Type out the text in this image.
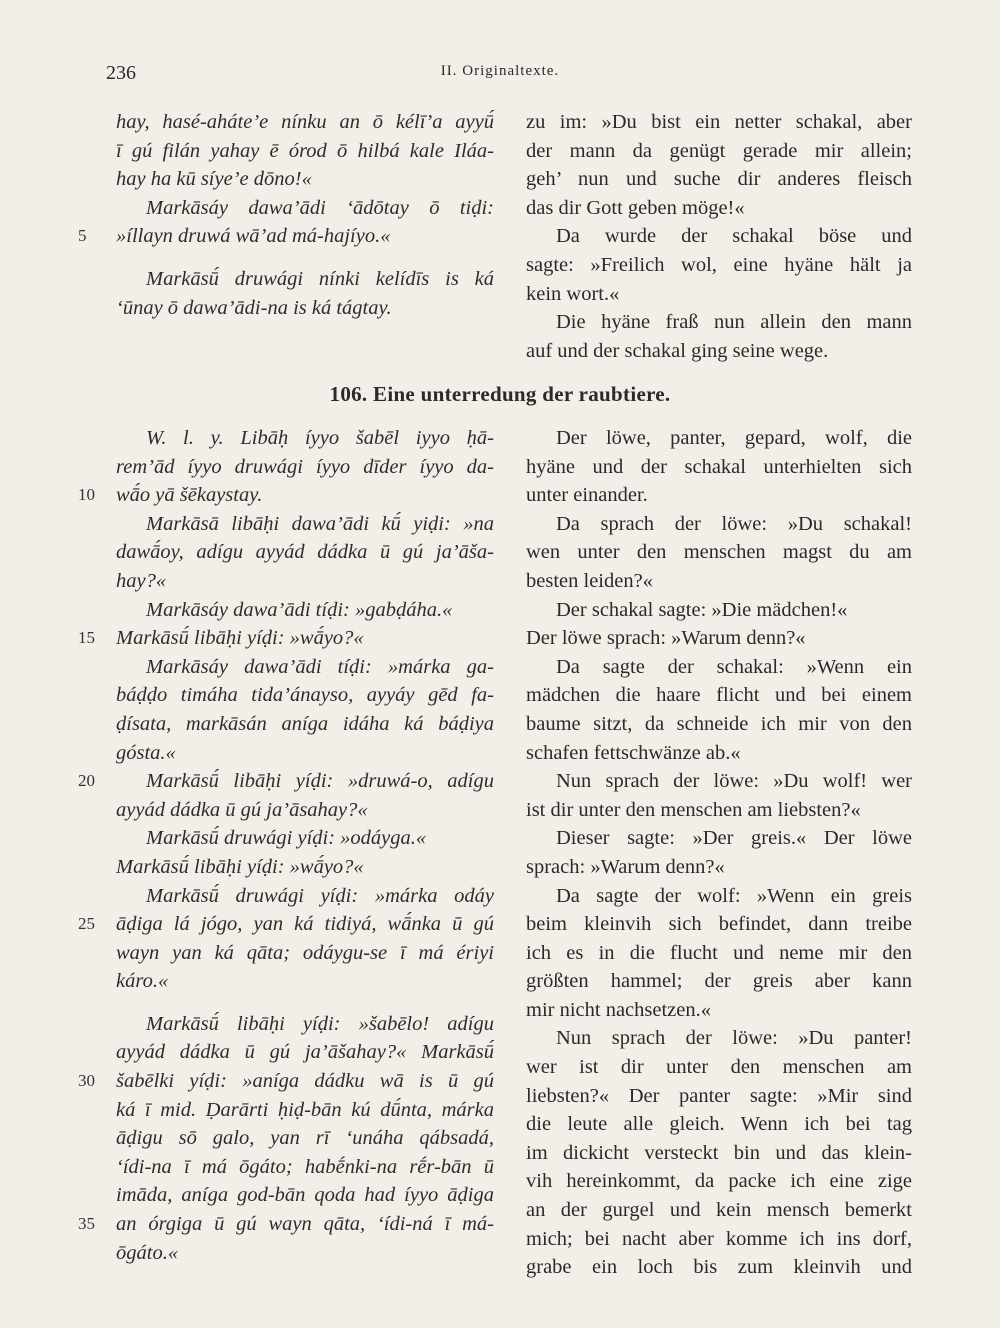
236	II. Originaltexte.
hay, hasé-aháte’e nínku an ō kélī’a ayyū́
ī gú filán yahay ē órod ō hilbá kale Iláa-
hay ha kū síye’e dōno!«
Markāsáy dawa’ādi ‘ādōtay ō tiḍi:
»íllayn druwá wā’ad má-hajíyo.«
Markāsū́ druwági nínki kelídīs is ká
‘ūnay ō dawa’ādi-na is ká tágtay.
zu im: »Du bist ein netter schakal, aber
der mann da genügt gerade mir allein;
geh’ nun und suche dir anderes fleisch
das dir Gott geben möge!«
Da wurde der schakal böse und
sagte: »Freilich wol, eine hyäne hält ja
kein wort.«
Die hyäne fraß nun allein den mann
auf und der schakal ging seine wege.
106. Eine unterredung der raubtiere.
W. l. y. Libāḥ íyyo šabēl iyyo ḥā-
rem’ād íyyo druwági íyyo dīder íyyo da-
wā́o yā šēkaystay.
Markāsā libāḥi dawa’ādi kū́ yiḍi: »na
dawā́oy, adígu ayyád dádka ū gú ja’āša-
hay?«
Markāsáy dawa’ādi tíḍi: »gabḍáha.«
Markāsū́ libāḥi yíḍi: »wā́yo?«
Markāsáy dawa’ādi tíḍi: »márka ga-
báḍḍo timáha tida’ánayso, ayyáy gēd fa-
ḍísata, markāsán aníga idáha ká báḍiya
gósta.«
Markāsū́ libāḥi yíḍi: »druwá-o, adígu
ayyád dádka ū gú ja’āsahay?«
Markāsū́ druwági yíḍi: »odáyga.«
Markāsū́ libāḥi yíḍi: »wā́yo?«
Markāsū́ druwági yíḍi: »márka odáy
āḍiga lá jógo, yan ká tidiyá, wā́nka ū gú
wayn yan ká qāta; odáygu-se ī má ériyi
káro.«
Markāsū́ libāḥi yíḍi: »šabēlo! adígu
ayyád dádka ū gú ja’āšahay?« Markāsū́
šabēlki yíḍi: »aníga dádku wā is ū gú
ká ī mid. Ḍarārti ḥiḍ-bān kú dū́nta, márka
āḍigu sō galo, yan rī ‘unáha qábsadá,
‘ídi-na ī má ōgáto; habḗnki-na rḗr-bān ū
imāda, aníga god-bān qoda had íyyo āḍiga
an órgiga ū gú wayn qāta, ‘ídi-ná ī má-
ōgáto.«
Der löwe, panter, gepard, wolf, die
hyäne und der schakal unterhielten sich
unter einander.
Da sprach der löwe: »Du schakal!
wen unter den menschen magst du am
besten leiden?«
Der schakal sagte: »Die mädchen!«
Der löwe sprach: »Warum denn?«
Da sagte der schakal: »Wenn ein
mädchen die haare flicht und bei einem
baume sitzt, da schneide ich mir von den
schafen fettschwänze ab.«
Nun sprach der löwe: »Du wolf! wer
ist dir unter den menschen am liebsten?«
Dieser sagte: »Der greis.« Der löwe
sprach: »Warum denn?«
Da sagte der wolf: »Wenn ein greis
beim kleinvih sich befindet, dann treibe
ich es in die flucht und neme mir den
größten hammel; der greis aber kann
mir nicht nachsetzen.«
Nun sprach der löwe: »Du panter!
wer ist dir unter den menschen am
liebsten?« Der panter sagte: »Mir sind
die leute alle gleich. Wenn ich bei tag
im dickicht versteckt bin und das klein-
vih hereinkommt, da packe ich eine zige
an der gurgel und kein mensch bemerkt
mich; bei nacht aber komme ich ins dorf,
grabe ein loch bis zum kleinvih und
5
10
15
20
25
30
35
